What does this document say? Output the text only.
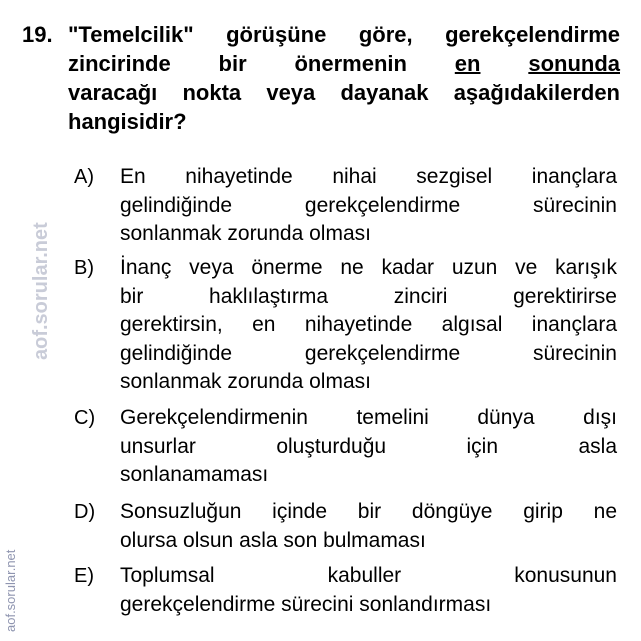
19. "Temelcilik" görüşüne göre, gerekçelendirme
zincirinde bir önermenin en sonunda
varacağı nokta veya dayanak aşağıdakilerden
hangisidir?
A) En nihayetinde nihai sezgisel inançlara
gelindiğinde gerekçelendirme sürecinin
sonlanmak zorunda olması
B) İnanç veya önerme ne kadar uzun ve karışık
bir haklılaştırma zinciri gerektirirse
gerektirsin, en nihayetinde algısal inançlara
gelindiğinde gerekçelendirme sürecinin
sonlanmak zorunda olması
C) Gerekçelendirmenin temelini dünya dışı
unsurlar oluşturduğu için asla
sonlanamaması
D) Sonsuzluğun içinde bir döngüye girip ne
olursa olsun asla son bulmaması
E) Toplumsal kabuller konusunun
gerekçelendirme sürecini sonlandırması
aof.sorular.net
aof.sorular.net
